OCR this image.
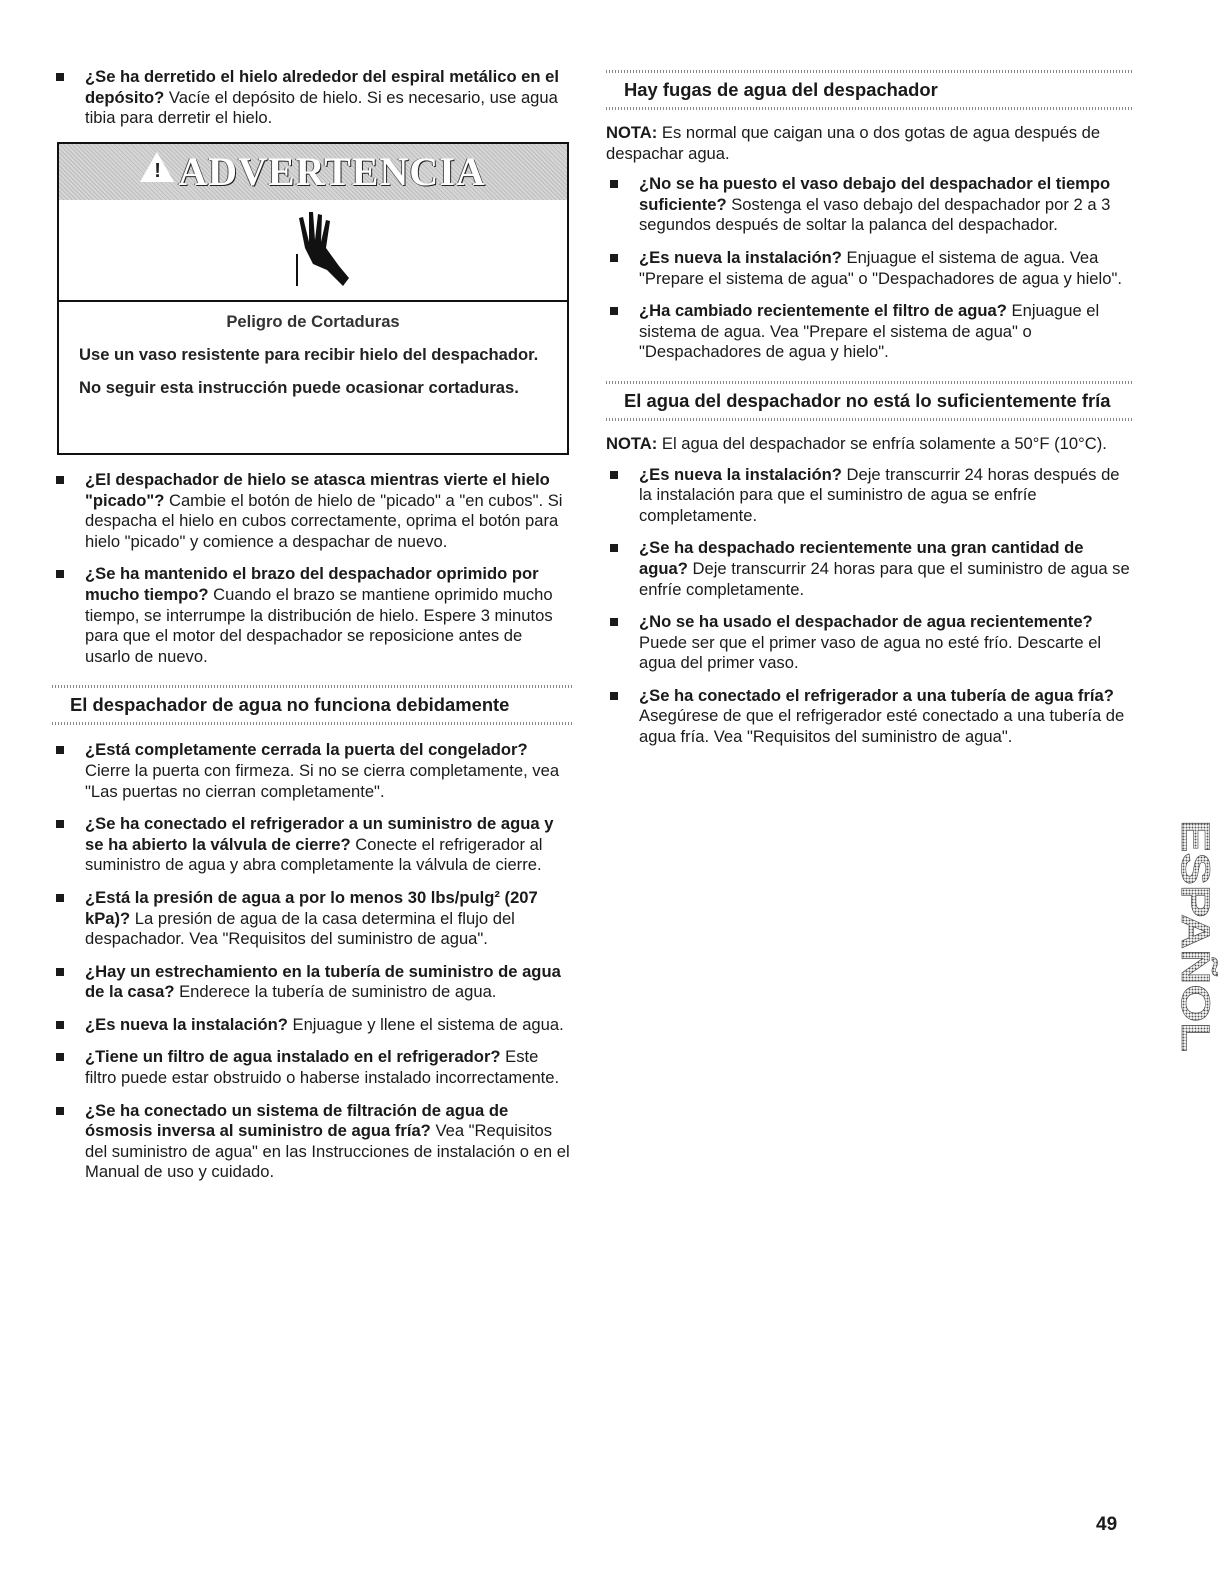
¿Se ha derretido el hielo alrededor del espiral metálico en el depósito? Vacíe el depósito de hielo. Si es necesario, use agua tibia para derretir el hielo.
! ADVERTENCIA
Peligro de Cortaduras
Use un vaso resistente para recibir hielo del despachador.
No seguir esta instrucción puede ocasionar cortaduras.
¿El despachador de hielo se atasca mientras vierte el hielo "picado"? Cambie el botón de hielo de "picado" a "en cubos". Si despacha el hielo en cubos correctamente, oprima el botón para hielo "picado" y comience a despachar de nuevo.
¿Se ha mantenido el brazo del despachador oprimido por mucho tiempo? Cuando el brazo se mantiene oprimido mucho tiempo, se interrumpe la distribución de hielo. Espere 3 minutos para que el motor del despachador se reposicione antes de usarlo de nuevo.
El despachador de agua no funciona debidamente
¿Está completamente cerrada la puerta del congelador? Cierre la puerta con firmeza. Si no se cierra completamente, vea "Las puertas no cierran completamente".
¿Se ha conectado el refrigerador a un suministro de agua y se ha abierto la válvula de cierre? Conecte el refrigerador al suministro de agua y abra completamente la válvula de cierre.
¿Está la presión de agua a por lo menos 30 lbs/pulg² (207 kPa)? La presión de agua de la casa determina el flujo del despachador. Vea "Requisitos del suministro de agua".
¿Hay un estrechamiento en la tubería de suministro de agua de la casa? Enderece la tubería de suministro de agua.
¿Es nueva la instalación? Enjuague y llene el sistema de agua.
¿Tiene un filtro de agua instalado en el refrigerador? Este filtro puede estar obstruido o haberse instalado incorrectamente.
¿Se ha conectado un sistema de filtración de agua de ósmosis inversa al suministro de agua fría? Vea "Requisitos del suministro de agua" en las Instrucciones de instalación o en el Manual de uso y cuidado.
Hay fugas de agua del despachador
NOTA: Es normal que caigan una o dos gotas de agua después de despachar agua.
¿No se ha puesto el vaso debajo del despachador el tiempo suficiente? Sostenga el vaso debajo del despachador por 2 a 3 segundos después de soltar la palanca del despachador.
¿Es nueva la instalación? Enjuague el sistema de agua. Vea "Prepare el sistema de agua" o "Despachadores de agua y hielo".
¿Ha cambiado recientemente el filtro de agua? Enjuague el sistema de agua. Vea "Prepare el sistema de agua" o "Despachadores de agua y hielo".
El agua del despachador no está lo suficientemente fría
NOTA: El agua del despachador se enfría solamente a 50°F (10°C).
¿Es nueva la instalación? Deje transcurrir 24 horas después de la instalación para que el suministro de agua se enfríe completamente.
¿Se ha despachado recientemente una gran cantidad de agua? Deje transcurrir 24 horas para que el suministro de agua se enfríe completamente.
¿No se ha usado el despachador de agua recientemente? Puede ser que el primer vaso de agua no esté frío. Descarte el agua del primer vaso.
¿Se ha conectado el refrigerador a una tubería de agua fría? Asegúrese de que el refrigerador esté conectado a una tubería de agua fría. Vea "Requisitos del suministro de agua".
ESPAÑOL
49
